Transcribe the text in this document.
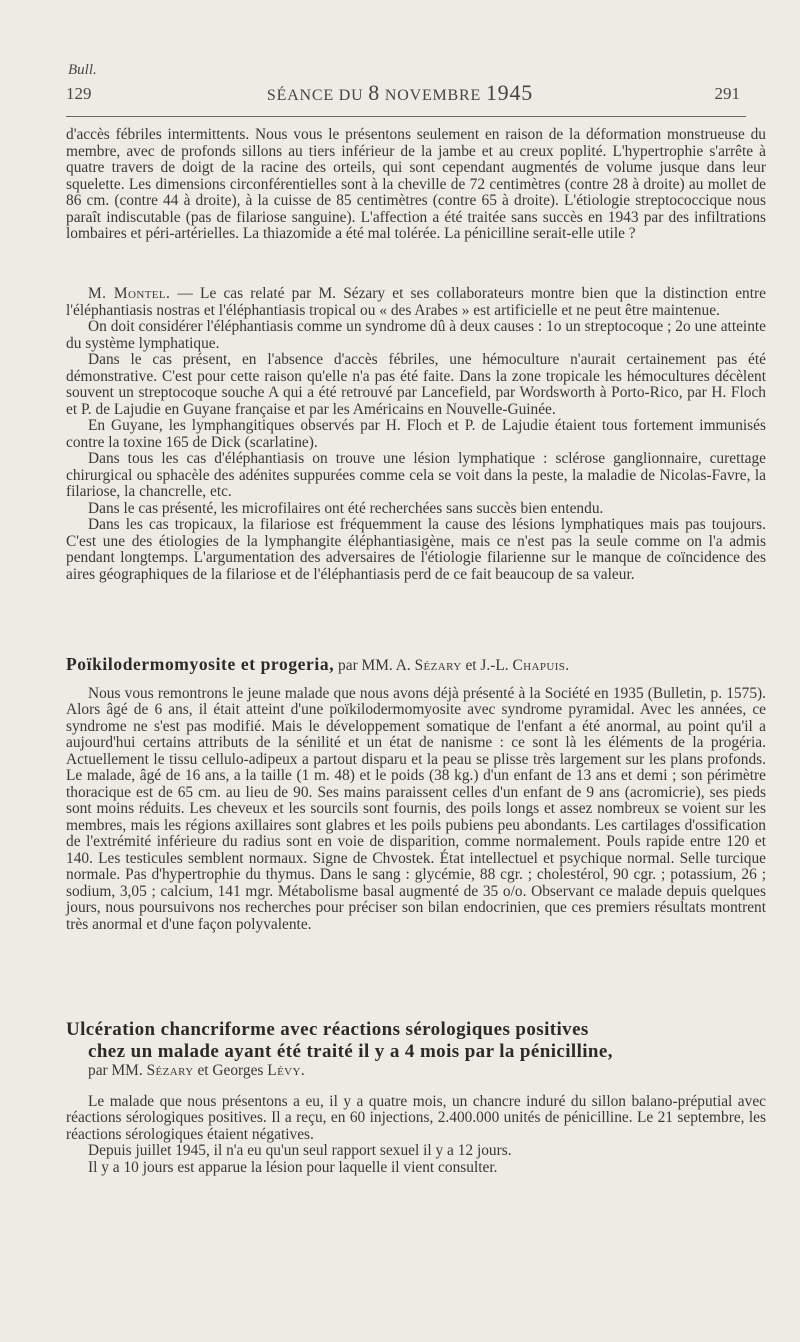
Bull.
129	SÉANCE DU 8 NOVEMBRE 1945	291

d'accès fébriles intermittents. Nous vous le présentons seulement en raison de la déformation monstrueuse du membre, avec de profonds sillons au tiers inférieur de la jambe et au creux poplité. L'hypertrophie s'arrête à quatre travers de doigt de la racine des orteils, qui sont cependant augmentés de volume jusque dans leur squelette. Les dimensions circonférentielles sont à la cheville de 72 centimètres (contre 28 à droite) au mollet de 86 cm. (contre 44 à droite), à la cuisse de 85 centimètres (contre 65 à droite). L'étiologie streptococcique nous paraît indiscutable (pas de filariose sanguine). L'affection a été traitée sans succès en 1943 par des infiltrations lombaires et péri-artérielles. La thiazomide a été mal tolérée. La pénicilline serait-elle utile ?

M. Montel. — Le cas relaté par M. Sézary et ses collaborateurs montre bien que la distinction entre l'éléphantiasis nostras et l'éléphantiasis tropical ou « des Arabes » est artificielle et ne peut être maintenue.

On doit considérer l'éléphantiasis comme un syndrome dû à deux causes : 1o un streptocoque ; 2o une atteinte du système lymphatique.

Dans le cas présent, en l'absence d'accès fébriles, une hémoculture n'aurait certainement pas été démonstrative. C'est pour cette raison qu'elle n'a pas été faite. Dans la zone tropicale les hémocultures décèlent souvent un streptocoque souche A qui a été retrouvé par Lancefield, par Wordsworth à Porto-Rico, par H. Floch et P. de Lajudie en Guyane française et par les Américains en Nouvelle-Guinée.

En Guyane, les lymphangitiques observés par H. Floch et P. de Lajudie étaient tous fortement immunisés contre la toxine 165 de Dick (scarlatine).

Dans tous les cas d'éléphantiasis on trouve une lésion lymphatique : sclérose ganglionnaire, curettage chirurgical ou sphacèle des adénites suppurées comme cela se voit dans la peste, la maladie de Nicolas-Favre, la filariose, la chancrelle, etc.

Dans le cas présenté, les microfilaires ont été recherchées sans succès bien entendu.

Dans les cas tropicaux, la filariose est fréquemment la cause des lésions lymphatiques mais pas toujours. C'est une des étiologies de la lymphangite éléphantiasigène, mais ce n'est pas la seule comme on l'a admis pendant longtemps. L'argumentation des adversaires de l'étiologie filarienne sur le manque de coïncidence des aires géographiques de la filariose et de l'éléphantiasis perd de ce fait beaucoup de sa valeur.

Poïkilodermomyosite et progeria, par MM. A. Sézary et J.-L. Chapuis.

Nous vous remontrons le jeune malade que nous avons déjà présenté à la Société en 1935 (Bulletin, p. 1575). Alors âgé de 6 ans, il était atteint d'une poïkilodermomyosite avec syndrome pyramidal. Avec les années, ce syndrome ne s'est pas modifié. Mais le développement somatique de l'enfant a été anormal, au point qu'il a aujourd'hui certains attributs de la sénilité et un état de nanisme : ce sont là les éléments de la progéria. Actuellement le tissu cellulo-adipeux a partout disparu et la peau se plisse très largement sur les plans profonds. Le malade, âgé de 16 ans, a la taille (1 m. 48) et le poids (38 kg.) d'un enfant de 13 ans et demi ; son périmètre thoracique est de 65 cm. au lieu de 90. Ses mains paraissent celles d'un enfant de 9 ans (acromicrie), ses pieds sont moins réduits. Les cheveux et les sourcils sont fournis, des poils longs et assez nombreux se voient sur les membres, mais les régions axillaires sont glabres et les poils pubiens peu abondants. Les cartilages d'ossification de l'extrémité inférieure du radius sont en voie de disparition, comme normalement. Pouls rapide entre 120 et 140. Les testicules semblent normaux. Signe de Chvostek. État intellectuel et psychique normal. Selle turcique normale. Pas d'hypertrophie du thymus. Dans le sang : glycémie, 88 cgr. ; cholestérol, 90 cgr. ; potassium, 26 ; sodium, 3,05 ; calcium, 141 mgr. Métabolisme basal augmenté de 35 o/o. Observant ce malade depuis quelques jours, nous poursuivons nos recherches pour préciser son bilan endocrinien, que ces premiers résultats montrent très anormal et d'une façon polyvalente.

Ulcération chancriforme avec réactions sérologiques positives
chez un malade ayant été traité il y a 4 mois par la pénicilline,

par MM. Sézary et Georges Lévy.

Le malade que nous présentons a eu, il y a quatre mois, un chancre induré du sillon balano-préputial avec réactions sérologiques positives. Il a reçu, en 60 injections, 2.400.000 unités de pénicilline. Le 21 septembre, les réactions sérologiques étaient négatives.

Depuis juillet 1945, il n'a eu qu'un seul rapport sexuel il y a 12 jours.

Il y a 10 jours est apparue la lésion pour laquelle il vient consulter.
